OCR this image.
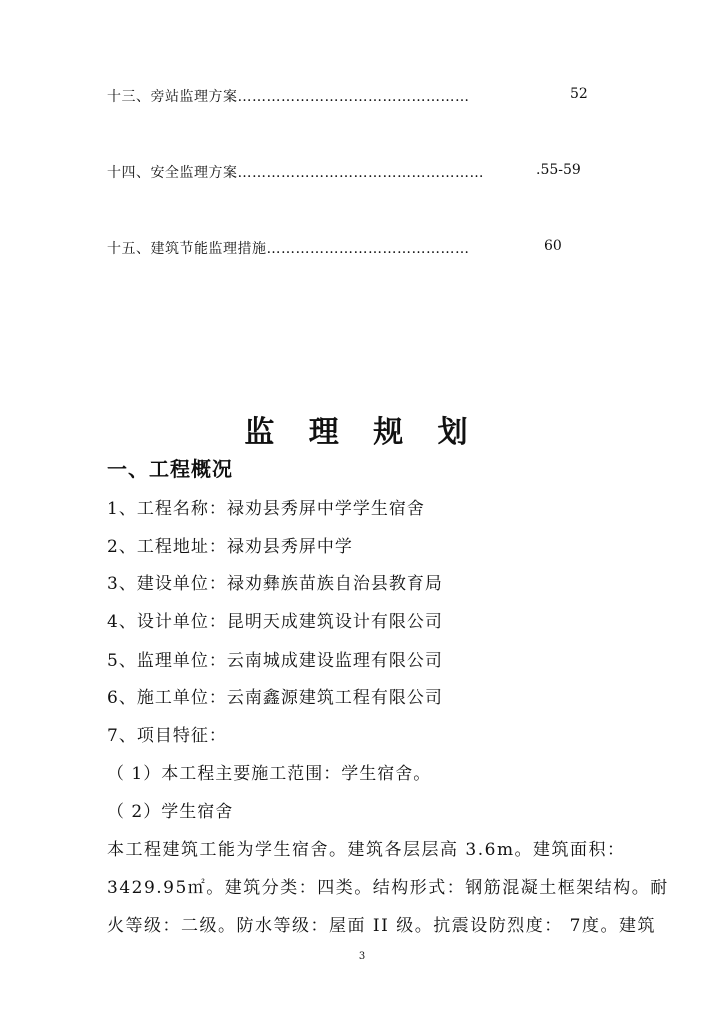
十三、旁站监理方案…………………………………………	52
十四、安全监理方案……………………………………………	.55-59
十五、建筑节能监理措施……………………………………	60
监 理 规 划
一、工程概况
1、工程名称：禄劝县秀屏中学学生宿舍
2、工程地址：禄劝县秀屏中学
3、建设单位：禄劝彝族苗族自治县教育局
4、设计单位：昆明天成建筑设计有限公司
5、监理单位：云南城成建设监理有限公司
6、施工单位：云南鑫源建筑工程有限公司
7、项目特征：
（ 1）本工程主要施工范围：学生宿舍。
（ 2）学生宿舍
本工程建筑工能为学生宿舍。建筑各层层高 3.6m。建筑面积：
3429.95㎡。建筑分类：四类。结构形式：钢筋混凝土框架结构。耐
火等级：二级。防水等级：屋面 II 级。抗震设防烈度： 7度。建筑
3
